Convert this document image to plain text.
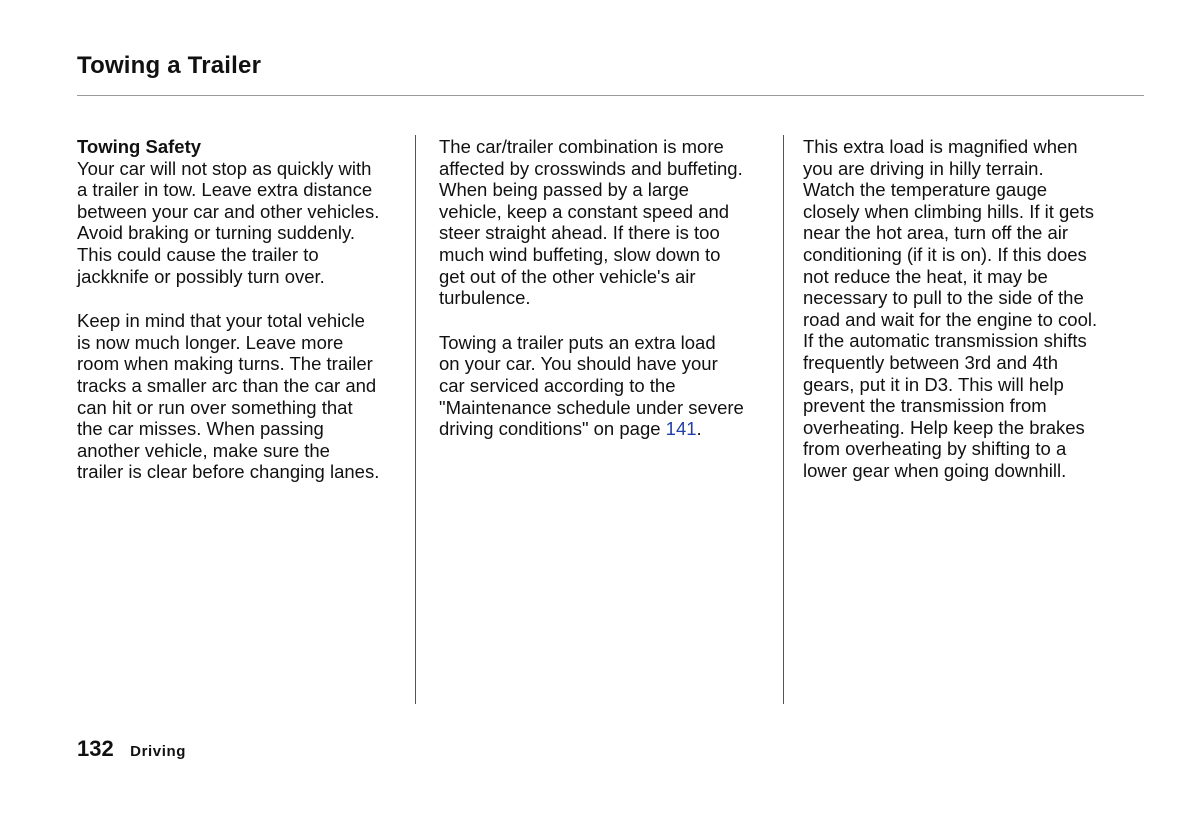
Towing a Trailer
Towing Safety

Your car will not stop as quickly with
a trailer in tow. Leave extra distance
between your car and other vehicles.
Avoid braking or turning suddenly.
This could cause the trailer to
jackknife or possibly turn over.

Keep in mind that your total vehicle
is now much longer. Leave more
room when making turns. The trailer
tracks a smaller arc than the car and
can hit or run over something that
the car misses. When passing
another vehicle, make sure the
trailer is clear before changing lanes.

The car/trailer combination is more
affected by crosswinds and buffeting.
When being passed by a large
vehicle, keep a constant speed and
steer straight ahead. If there is too
much wind buffeting, slow down to
get out of the other vehicle's air
turbulence.

Towing a trailer puts an extra load
on your car. You should have your
car serviced according to the
"Maintenance schedule under severe
driving conditions" on page 141.

This extra load is magnified when
you are driving in hilly terrain.
Watch the temperature gauge
closely when climbing hills. If it gets
near the hot area, turn off the air
conditioning (if it is on). If this does
not reduce the heat, it may be
necessary to pull to the side of the
road and wait for the engine to cool.
If the automatic transmission shifts
frequently between 3rd and 4th
gears, put it in D3. This will help
prevent the transmission from
overheating. Help keep the brakes
from overheating by shifting to a
lower gear when going downhill.

132 Driving
